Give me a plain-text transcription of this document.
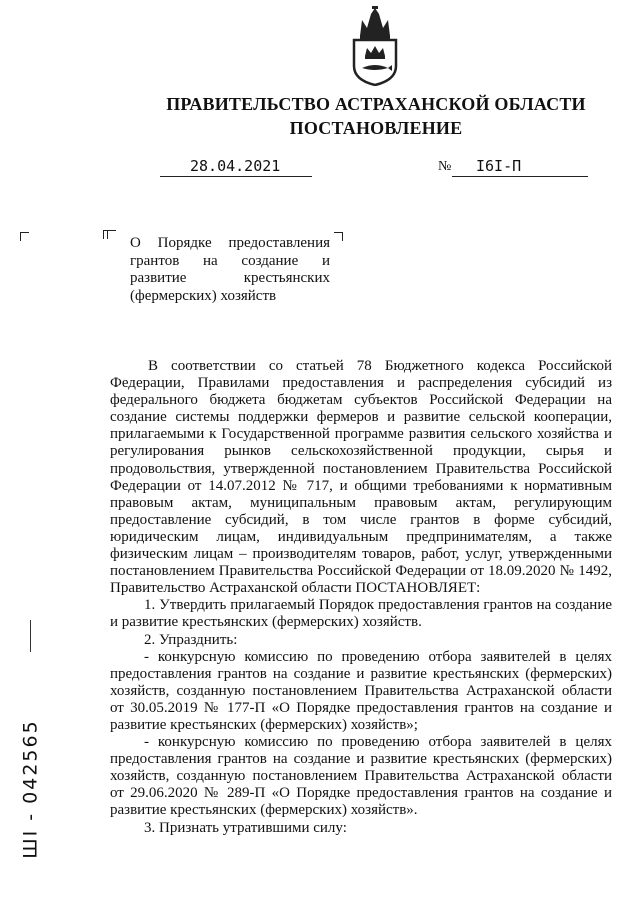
ПРАВИТЕЛЬСТВО АСТРАХАНСКОЙ ОБЛАСТИ
ПОСТАНОВЛЕНИЕ
28.04.2021	№ I6I-П

О Порядке предоставления грантов на создание и развитие крестьянских (фермерских) хозяйств

В соответствии со статьей 78 Бюджетного кодекса Российской Федерации, Правилами предоставления и распределения субсидий из федерального бюджета бюджетам субъектов Российской Федерации на создание системы поддержки фермеров и развитие сельской кооперации, прилагаемыми к Государственной программе развития сельского хозяйства и регулирования рынков сельскохозяйственной продукции, сырья и продовольствия, утвержденной постановлением Правительства Российской Федерации от 14.07.2012 № 717, и общими требованиями к нормативным правовым актам, муниципальным правовым актам, регулирующим предоставление субсидий, в том числе грантов в форме субсидий, юридическим лицам, индивидуальным предпринимателям, а также физическим лицам – производителям товаров, работ, услуг, утвержденными постановлением Правительства Российской Федерации от 18.09.2020 № 1492, Правительство Астраханской области ПОСТАНОВЛЯЕТ:

1. Утвердить прилагаемый Порядок предоставления грантов на создание и развитие крестьянских (фермерских) хозяйств.

2. Упразднить:

- конкурсную комиссию по проведению отбора заявителей в целях предоставления грантов на создание и развитие крестьянских (фермерских) хозяйств, созданную постановлением Правительства Астраханской области от 30.05.2019 № 177-П «О Порядке предоставления грантов на создание и развитие крестьянских (фермерских) хозяйств»;

- конкурсную комиссию по проведению отбора заявителей в целях предоставления грантов на создание и развитие крестьянских (фермерских) хозяйств, созданную постановлением Правительства Астраханской области от 29.06.2020 № 289-П «О Порядке предоставления грантов на создание и развитие крестьянских (фермерских) хозяйств».

3. Признать утратившими силу:

ШI - 042565
